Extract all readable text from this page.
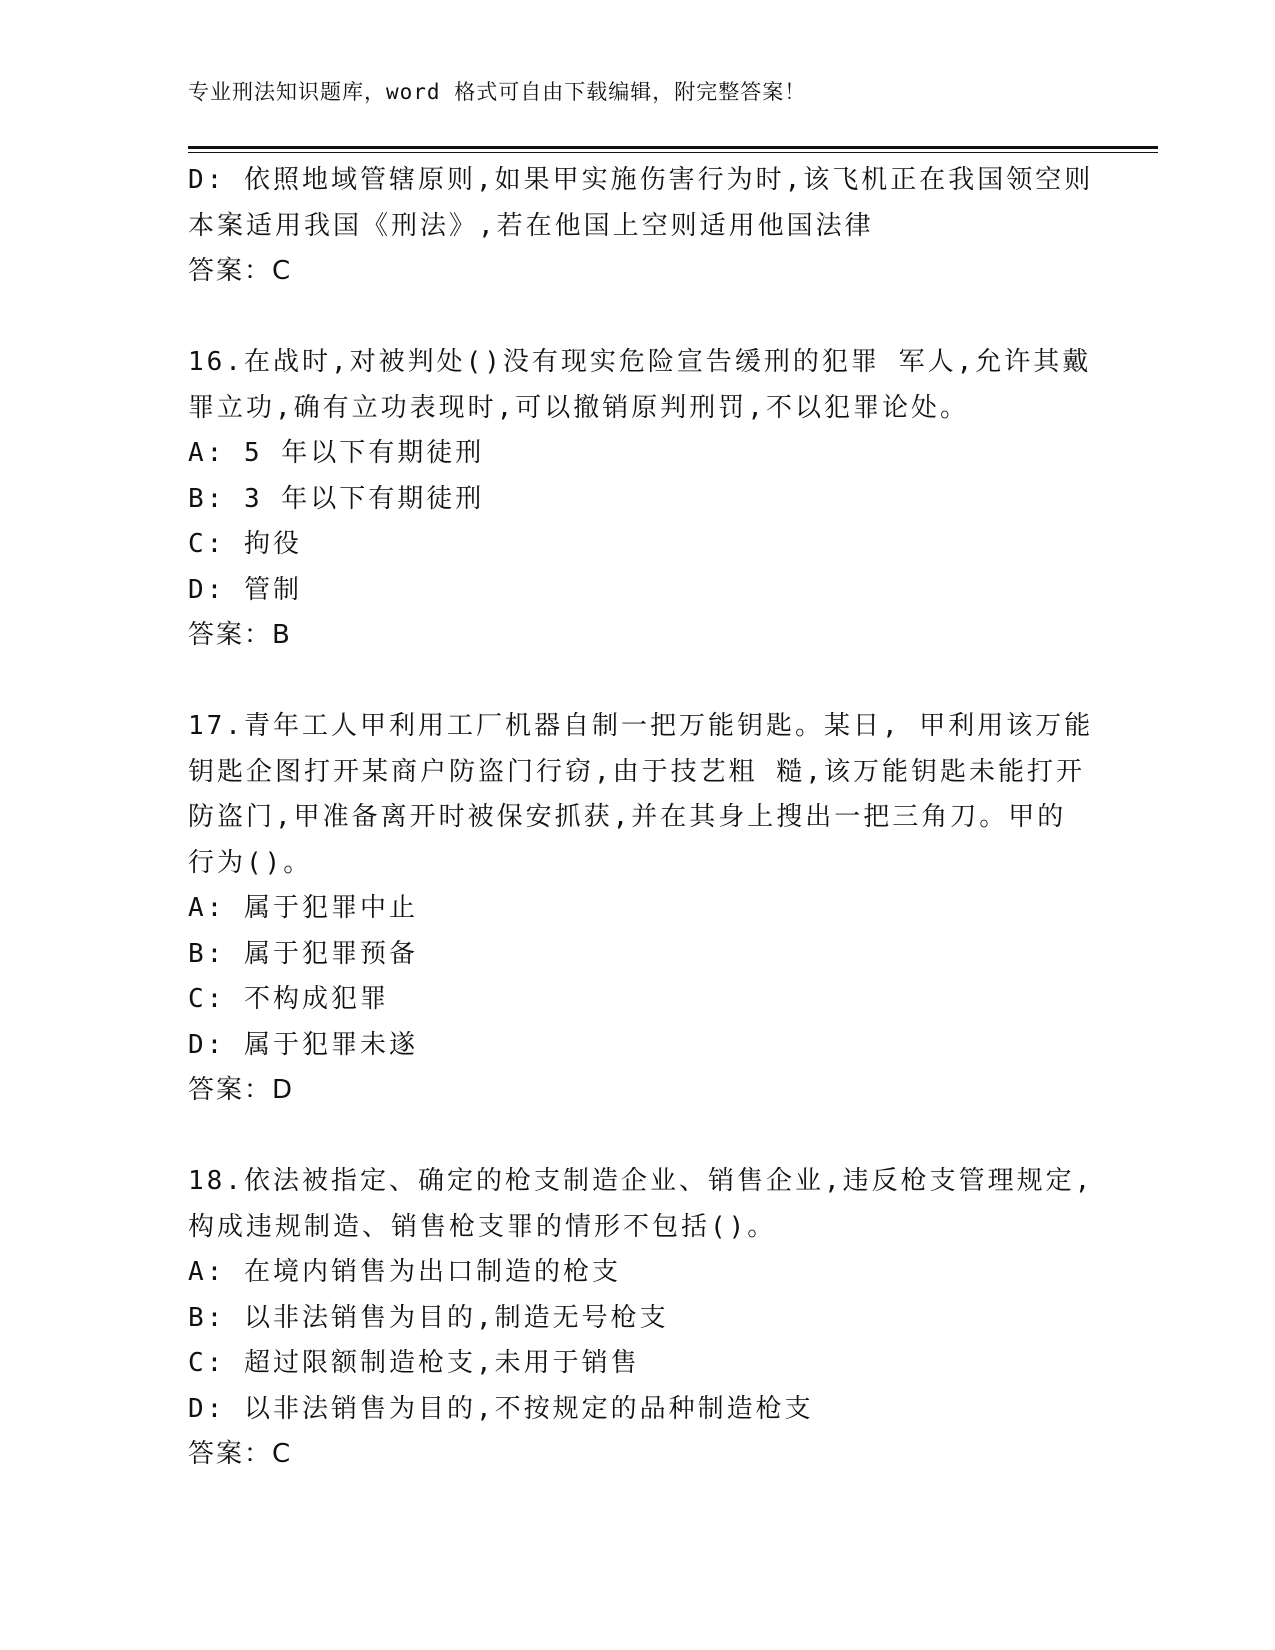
专业刑法知识题库，word 格式可自由下载编辑，附完整答案！
D: 依照地域管辖原则,如果甲实施伤害行为时,该飞机正在我国领空则
本案适用我国《刑法》,若在他国上空则适用他国法律
答案：C
16.在战时,对被判处()没有现实危险宣告缓刑的犯罪 军人,允许其戴
罪立功,确有立功表现时,可以撤销原判刑罚,不以犯罪论处。
A: 5 年以下有期徒刑
B: 3 年以下有期徒刑
C: 拘役
D: 管制
答案：B
17.青年工人甲利用工厂机器自制一把万能钥匙。某日, 甲利用该万能
钥匙企图打开某商户防盗门行窃,由于技艺粗 糙,该万能钥匙未能打开
防盗门,甲准备离开时被保安抓获,并在其身上搜出一把三角刀。甲的
行为()。
A: 属于犯罪中止
B: 属于犯罪预备
C: 不构成犯罪
D: 属于犯罪未遂
答案：D
18.依法被指定、确定的枪支制造企业、销售企业,违反枪支管理规定,
构成违规制造、销售枪支罪的情形不包括()。
A: 在境内销售为出口制造的枪支
B: 以非法销售为目的,制造无号枪支
C: 超过限额制造枪支,未用于销售
D: 以非法销售为目的,不按规定的品种制造枪支
答案：C
